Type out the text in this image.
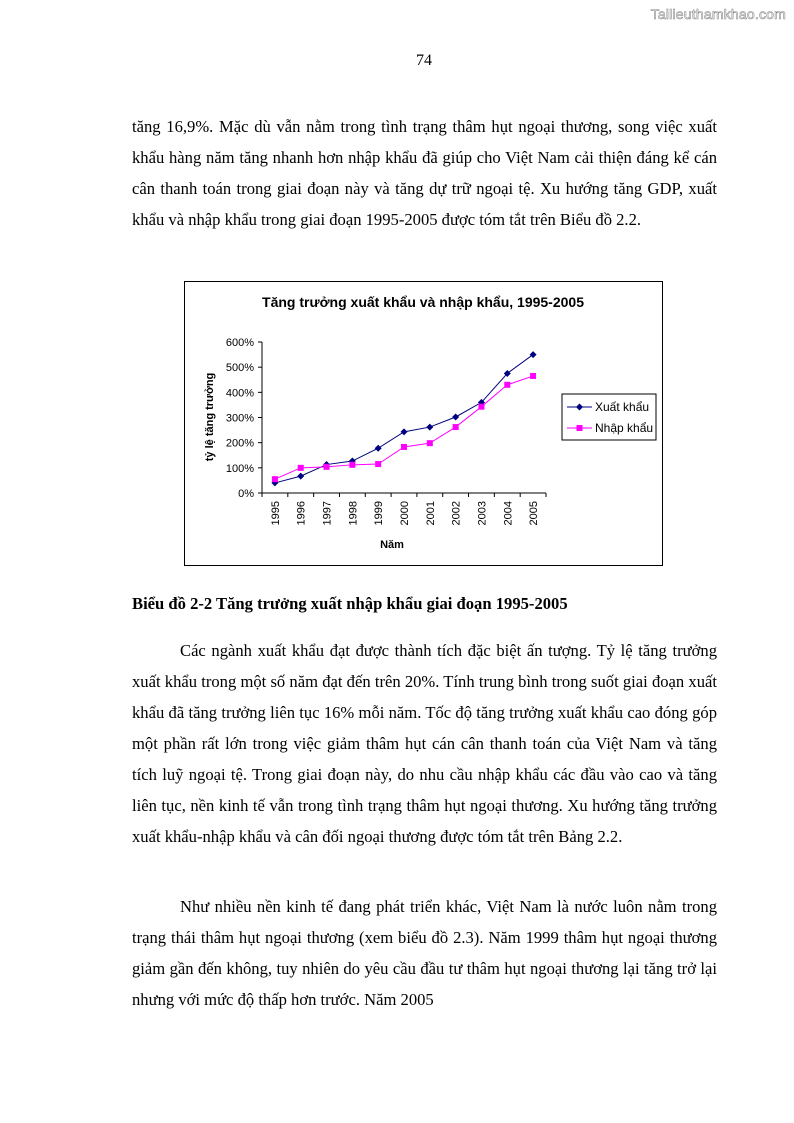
Tailieuthamkhao.com
74

tăng 16,9%. Mặc dù vẫn nằm trong tình trạng thâm hụt ngoại thương, song việc xuất khẩu hàng năm tăng nhanh hơn nhập khẩu đã giúp cho Việt Nam cải thiện đáng kể cán cân thanh toán trong giai đoạn này và tăng dự trữ ngoại tệ. Xu hướng tăng GDP, xuất khẩu và nhập khẩu trong giai đoạn 1995-2005 được tóm tắt trên Biểu đồ 2.2.

Tăng trưởng xuất khẩu và nhập khẩu, 1995-2005
0%
100%
200%
300%
400%
500%
600%
1995 1996 1997 1998 1999 2000 2001 2002 2003 2004 2005
Năm
tỷ lệ tăng trưởng	Xuất khẩu
Nhập khẩu
Biểu đồ 2-2 Tăng trưởng xuất nhập khẩu giai đoạn 1995-2005

Các ngành xuất khẩu đạt được thành tích đặc biệt ấn tượng. Tỷ lệ tăng trưởng xuất khẩu trong một số năm đạt đến trên 20%. Tính trung bình trong suốt giai đoạn xuất khẩu đã tăng trưởng liên tục 16% mỗi năm. Tốc độ tăng trưởng xuất khẩu cao đóng góp một phần rất lớn trong việc giảm thâm hụt cán cân thanh toán của Việt Nam và tăng tích luỹ ngoại tệ. Trong giai đoạn này, do nhu cầu nhập khẩu các đầu vào cao và tăng liên tục, nền kinh tế vẫn trong tình trạng thâm hụt ngoại thương. Xu hướng tăng trưởng xuất khẩu-nhập khẩu và cân đối ngoại thương được tóm tắt trên Bảng 2.2.

Như nhiều nền kinh tế đang phát triển khác, Việt Nam là nước luôn nằm trong trạng thái thâm hụt ngoại thương (xem biểu đồ 2.3). Năm 1999 thâm hụt ngoại thương giảm gần đến không, tuy nhiên do yêu cầu đầu tư thâm hụt ngoại thương lại tăng trở lại nhưng với mức độ thấp hơn trước. Năm 2005
